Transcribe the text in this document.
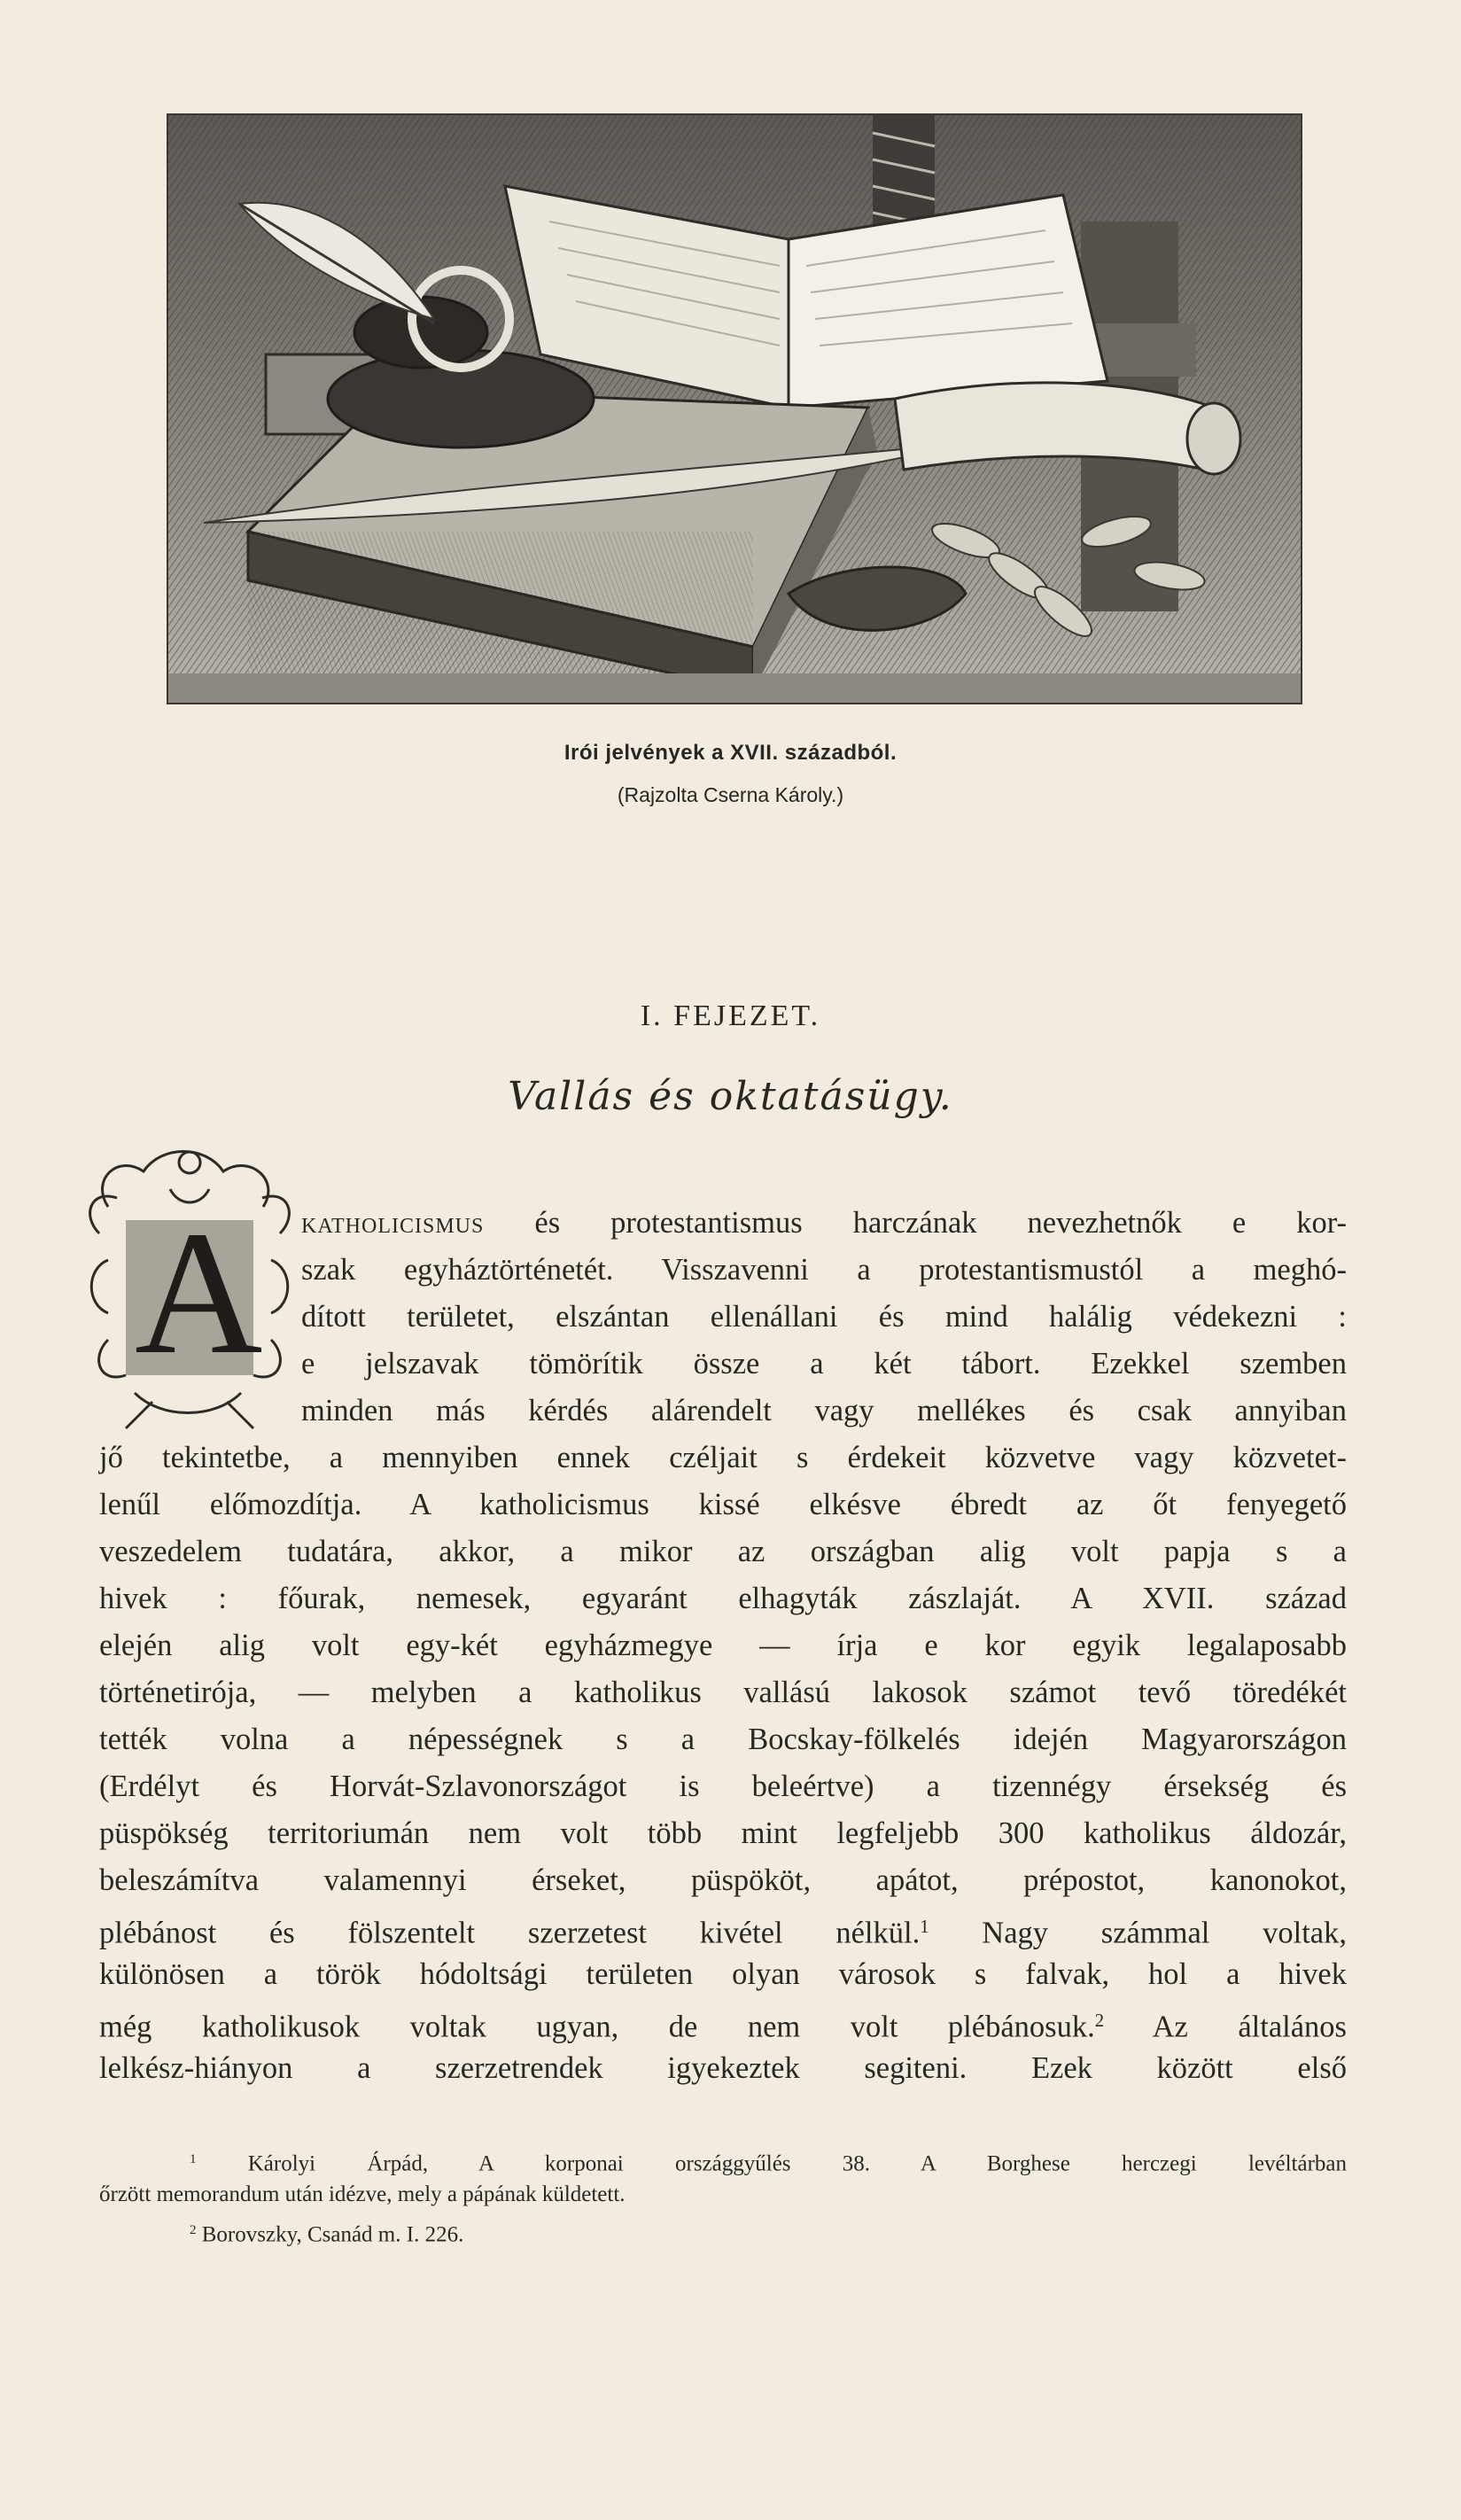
Irói jelvények a XVII. századból.
(Rajzolta Cserna Károly.)
I. FEJEZET.
Vallás és oktatásügy.
A katholicismus és protestantismus harczának nevezhetnők e kor-
szak egyháztörténetét. Visszavenni a protestantismustól a meghó-
dított területet, elszántan ellenállani és mind halálig védekezni :
e jelszavak tömörítik össze a két tábort. Ezekkel szemben
minden más kérdés alárendelt vagy mellékes és csak annyiban
jő tekintetbe, a mennyiben ennek czéljait s érdekeit közvetve vagy közvetet-
lenűl előmozdítja. A katholicismus kissé elkésve ébredt az őt fenyegető
veszedelem tudatára, akkor, a mikor az országban alig volt papja s a
hivek : főurak, nemesek, egyaránt elhagyták zászlaját. A XVII. század
elején alig volt egy-két egyházmegye — írja e kor egyik legalaposabb
történetirója, — melyben a katholikus vallású lakosok számot tevő töredékét
tették volna a népességnek s a Bocskay-fölkelés idején Magyarországon
(Erdélyt és Horvát-Szlavonországot is beleértve) a tizennégy érsekség és
püspökség territoriumán nem volt több mint legfeljebb 300 katholikus áldozár,
beleszámítva valamennyi érseket, püspököt, apátot, prépostot, kanonokot,
plébánost és fölszentelt szerzetest kivétel nélkül.$^1$ Nagy számmal voltak,
különösen a török hódoltsági területen olyan városok s falvak, hol a hivek
még katholikusok voltak ugyan, de nem volt plébánosuk.$^2$ Az általános
lelkész-hiányon a szerzetrendek igyekeztek segiteni. Ezek között első
$^1$ Károlyi Árpád, A korponai országgyűlés 38. A Borghese herczegi levéltárban
őrzött memorandum után idézve, mely a pápának küldetett.
$^2$ Borovszky, Csanád m. I. 226.
